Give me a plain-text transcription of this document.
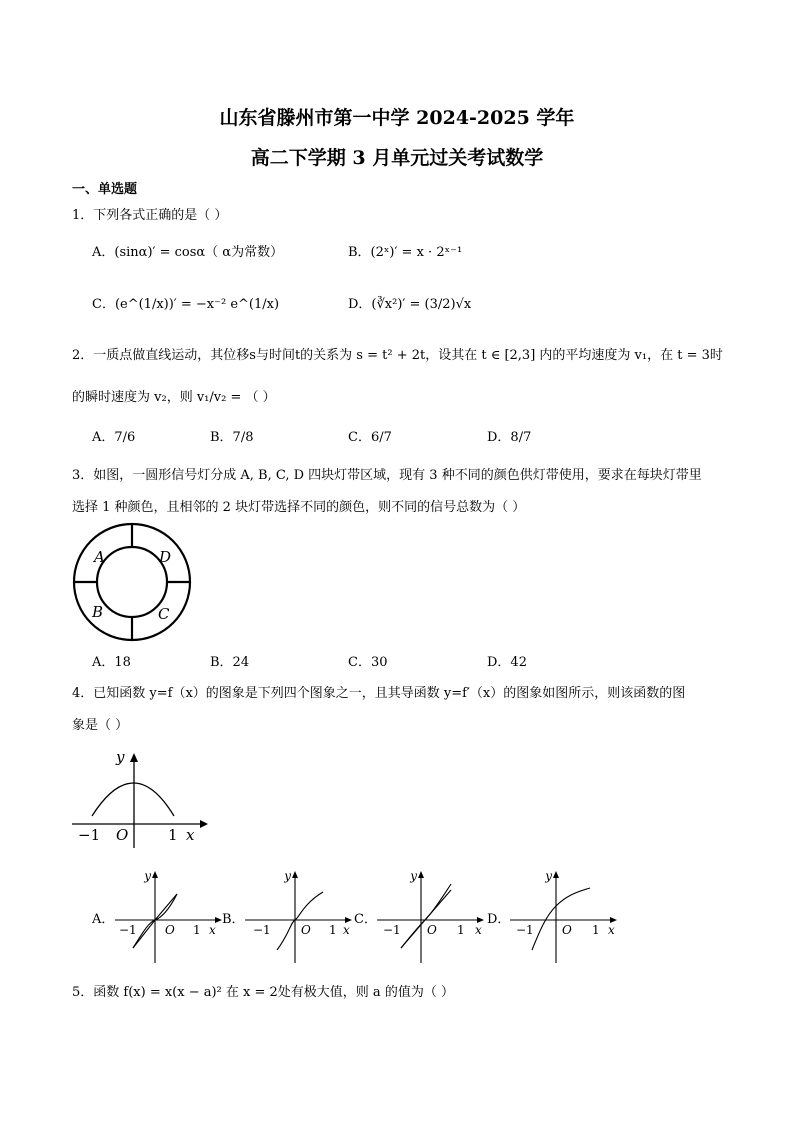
山东省滕州市第一中学 2024-2025 学年
高二下学期 3 月单元过关考试数学
一、单选题
1．下列各式正确的是（ ）
A．(sinα)′ = cosα（ α为常数）	B．(2ˣ)′ = x · 2ˣ⁻¹
C．(e^(1/x))′ = −x⁻² e^(1/x)	D．(∛x²)′ = (3/2)√x
2．一质点做直线运动，其位移s与时间t的关系为 s = t² + 2t，设其在 t ∈ [2,3] 内的平均速度为 v₁，在 t = 3时
的瞬时速度为 v₂，则 v₁/v₂ = （ ）
A．7/6	B．7/8	C．6/7	D．8/7
3．如图，一圆形信号灯分成 A, B, C, D 四块灯带区域，现有 3 种不同的颜色供灯带使用，要求在每块灯带里
选择 1 种颜色，且相邻的 2 块灯带选择不同的颜色，则不同的信号总数为（ ）
A	D
B	C
A．18	B．24	C．30	D．42
4．已知函数 y=f（x）的图象是下列四个图象之一，且其导函数 y=f′（x）的图象如图所示，则该函数的图
象是（ ）
y
x
O
−1	1
A．
y
x
O
−1	1
B．
y
x
O
−1	1
C．
y
x
O
−1	1
D．
y
x
O
−1	1
5．函数 f(x) = x(x − a)² 在 x = 2处有极大值，则 a 的值为（ ）
